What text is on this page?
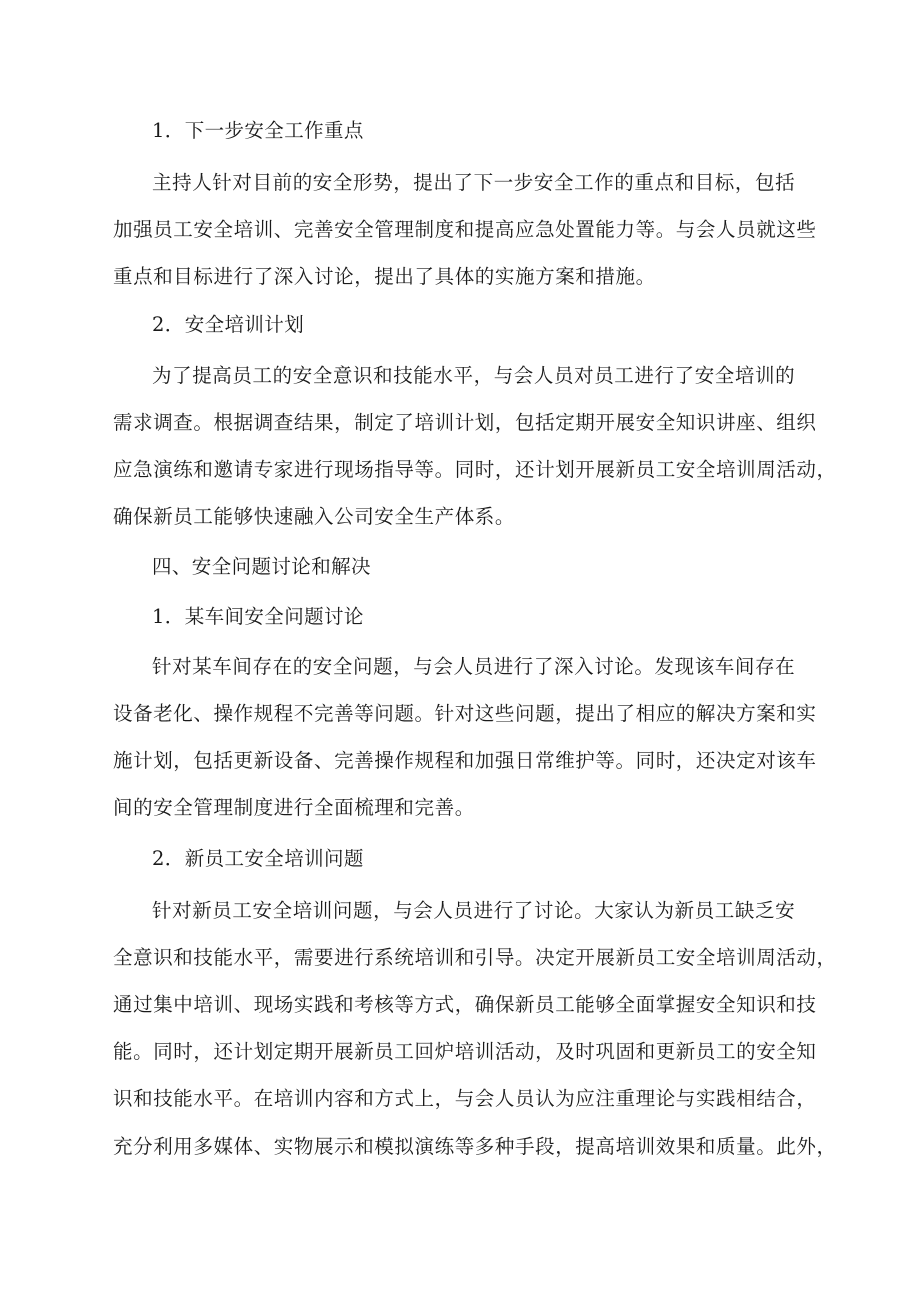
1．下一步安全工作重点
主持人针对目前的安全形势，提出了下一步安全工作的重点和目标，包括
加强员工安全培训、完善安全管理制度和提高应急处置能力等。与会人员就这些
重点和目标进行了深入讨论，提出了具体的实施方案和措施。
2．安全培训计划
为了提高员工的安全意识和技能水平，与会人员对员工进行了安全培训的
需求调查。根据调查结果，制定了培训计划，包括定期开展安全知识讲座、组织
应急演练和邀请专家进行现场指导等。同时，还计划开展新员工安全培训周活动，
确保新员工能够快速融入公司安全生产体系。
四、安全问题讨论和解决
1．某车间安全问题讨论
针对某车间存在的安全问题，与会人员进行了深入讨论。发现该车间存在
设备老化、操作规程不完善等问题。针对这些问题，提出了相应的解决方案和实
施计划，包括更新设备、完善操作规程和加强日常维护等。同时，还决定对该车
间的安全管理制度进行全面梳理和完善。
2．新员工安全培训问题
针对新员工安全培训问题，与会人员进行了讨论。大家认为新员工缺乏安
全意识和技能水平，需要进行系统培训和引导。决定开展新员工安全培训周活动，
通过集中培训、现场实践和考核等方式，确保新员工能够全面掌握安全知识和技
能。同时，还计划定期开展新员工回炉培训活动，及时巩固和更新员工的安全知
识和技能水平。在培训内容和方式上，与会人员认为应注重理论与实践相结合，
充分利用多媒体、实物展示和模拟演练等多种手段，提高培训效果和质量。此外，
